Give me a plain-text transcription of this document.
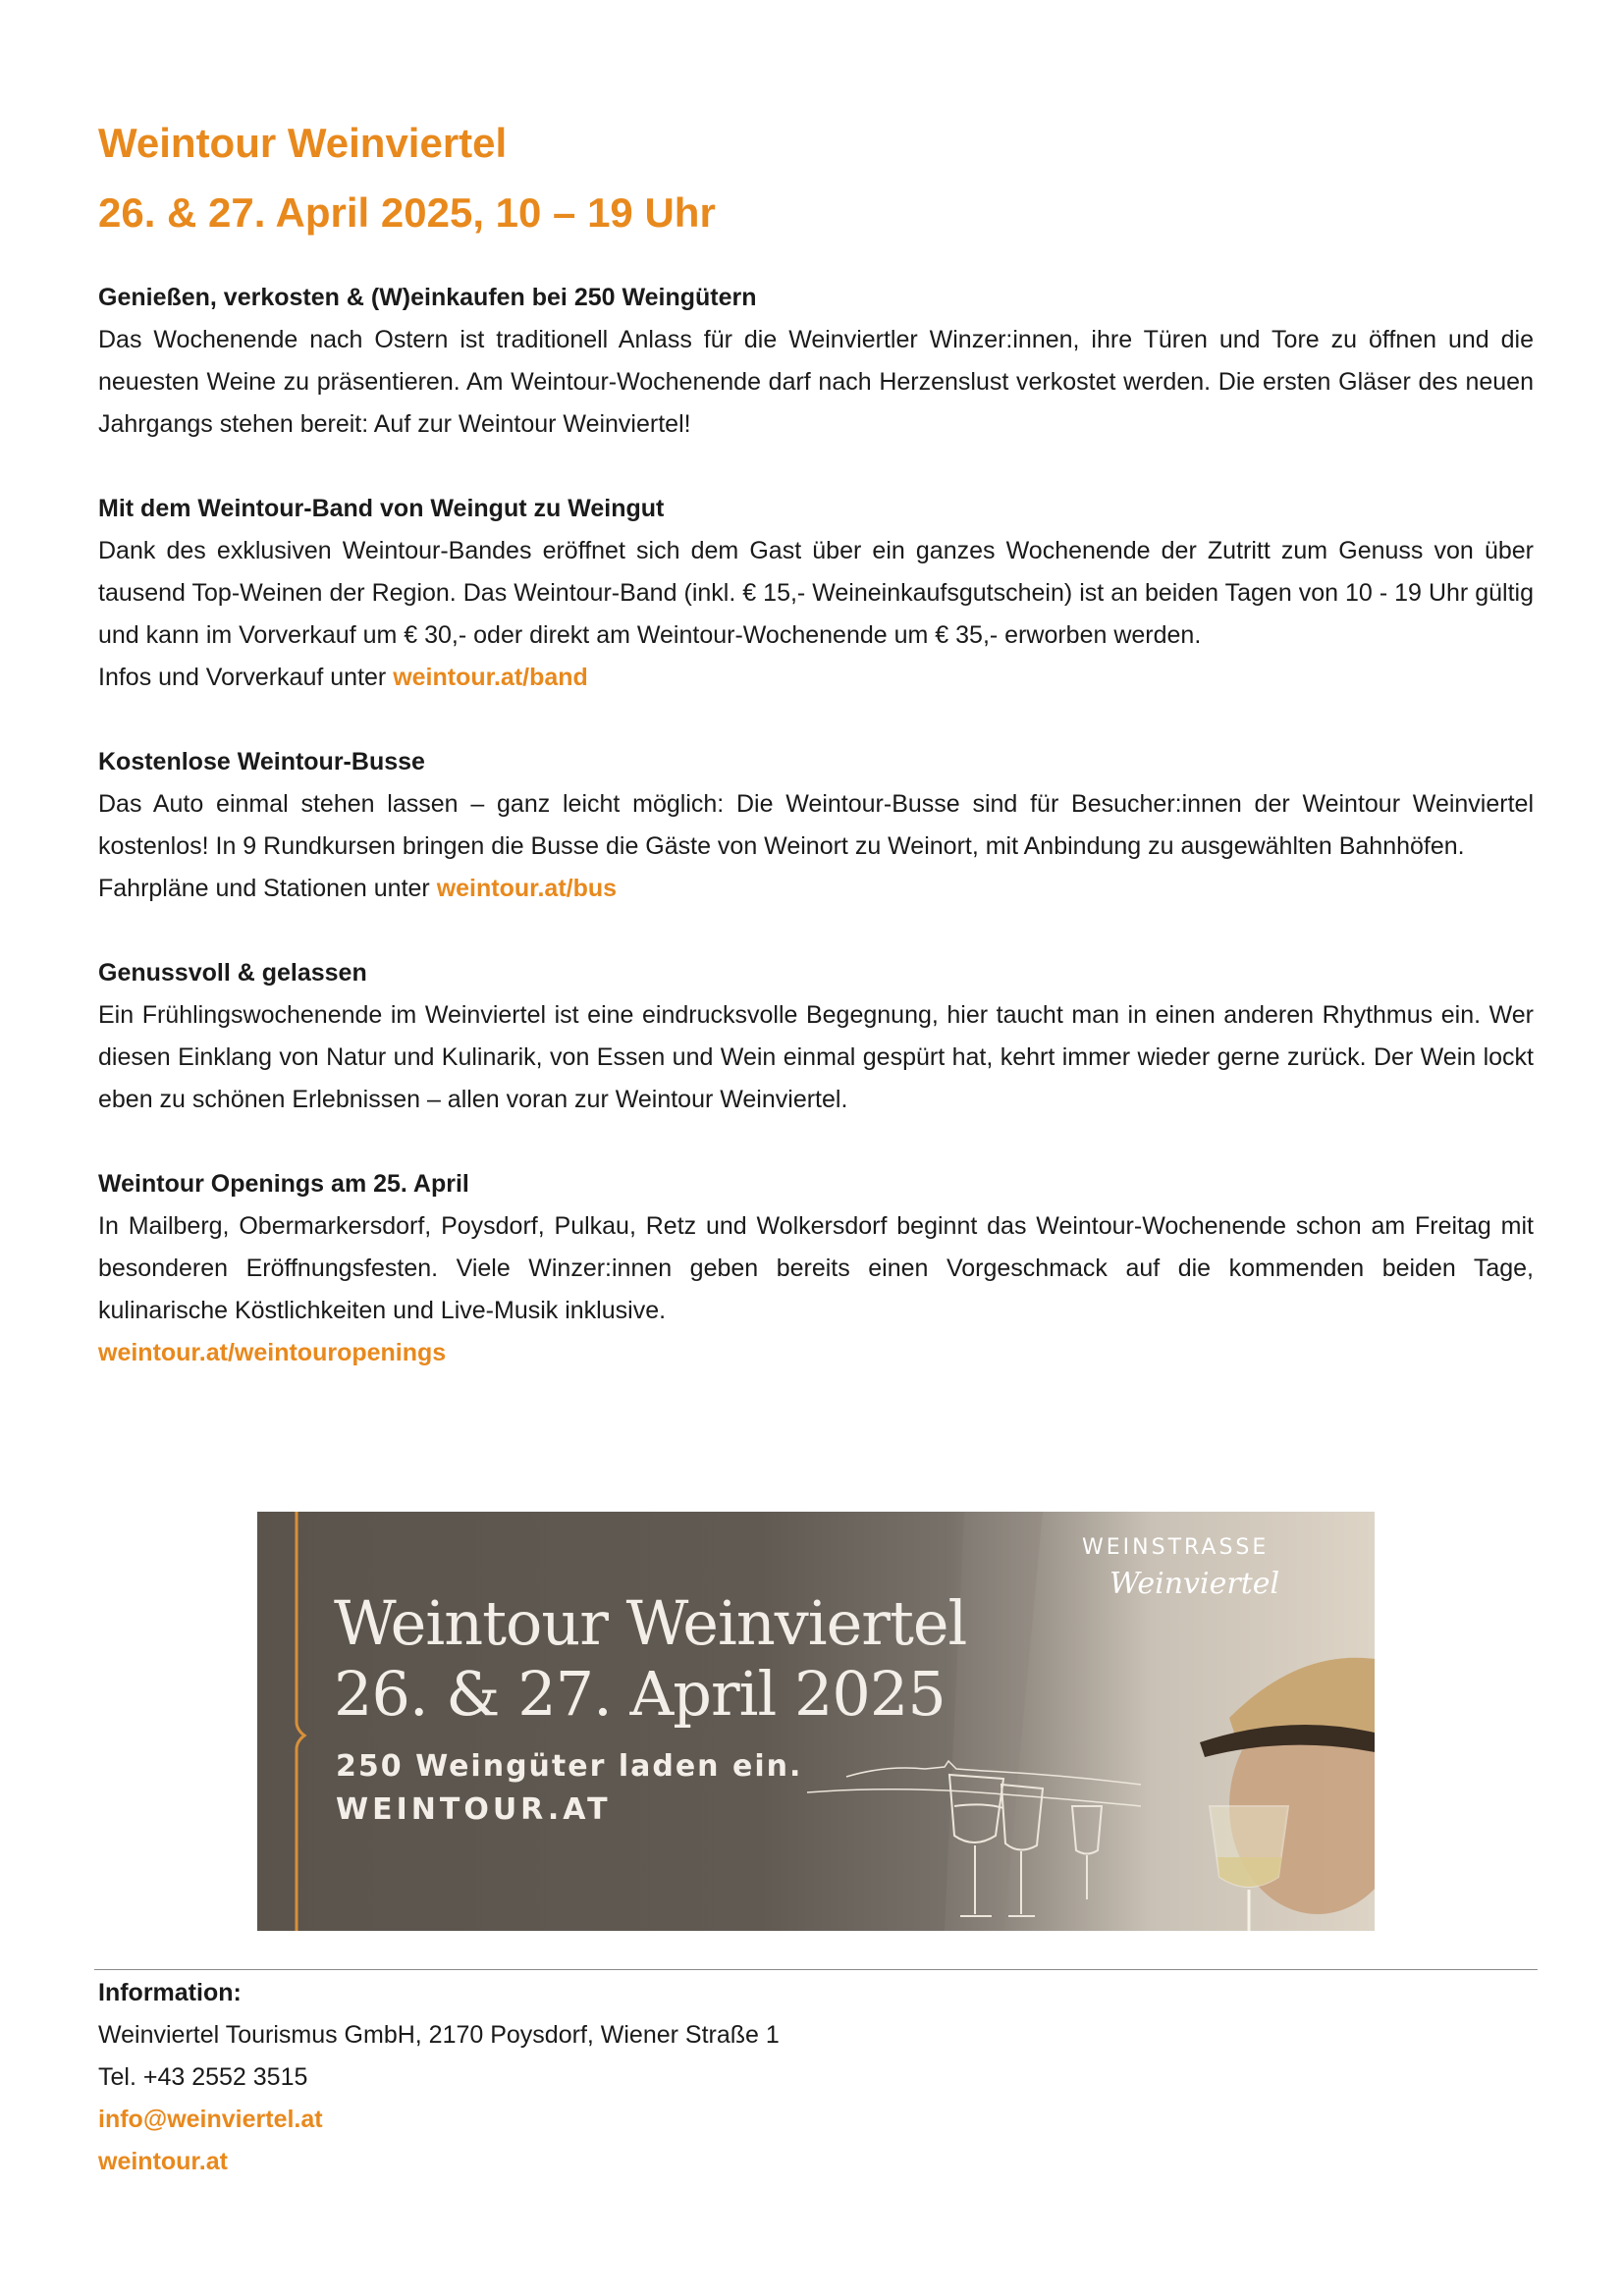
Weintour Weinviertel
26. & 27. April 2025, 10 – 19 Uhr

Genießen, verkosten & (W)einkaufen bei 250 Weingütern

Das Wochenende nach Ostern ist traditionell Anlass für die Weinviertler Winzer:innen, ihre Türen und Tore zu öffnen und die neuesten Weine zu präsentieren. Am Weintour-Wochenende darf nach Herzenslust verkostet werden. Die ersten Gläser des neuen Jahrgangs stehen bereit: Auf zur Weintour Weinviertel!

Mit dem Weintour-Band von Weingut zu Weingut

Dank des exklusiven Weintour-Bandes eröffnet sich dem Gast über ein ganzes Wochenende der Zutritt zum Genuss von über tausend Top-Weinen der Region. Das Weintour-Band (inkl. € 15,- Weineinkaufsgutschein) ist an beiden Tagen von 10 - 19 Uhr gültig und kann im Vorverkauf um € 30,- oder direkt am Weintour-Wochenende um € 35,- erworben werden.

Infos und Vorverkauf unter weintour.at/band

Kostenlose Weintour-Busse

Das Auto einmal stehen lassen – ganz leicht möglich: Die Weintour-Busse sind für Besucher:innen der Weintour Weinviertel kostenlos! In 9 Rundkursen bringen die Busse die Gäste von Weinort zu Weinort, mit Anbindung zu ausgewählten Bahnhöfen.

Fahrpläne und Stationen unter weintour.at/bus

Genussvoll & gelassen

Ein Frühlingswochenende im Weinviertel ist eine eindrucksvolle Begegnung, hier taucht man in einen anderen Rhythmus ein. Wer diesen Einklang von Natur und Kulinarik, von Essen und Wein einmal gespürt hat, kehrt immer wieder gerne zurück. Der Wein lockt eben zu schönen Erlebnissen – allen voran zur Weintour Weinviertel.

Weintour Openings am 25. April

In Mailberg, Obermarkersdorf, Poysdorf, Pulkau, Retz und Wolkersdorf beginnt das Weintour-Wochenende schon am Freitag mit besonderen Eröffnungsfesten. Viele Winzer:innen geben bereits einen Vorgeschmack auf die kommenden beiden Tage, kulinarische Köstlichkeiten und Live-Musik inklusive.

weintour.at/weintouropenings

Weintour Weinviertel
26. & 27. April 2025
250 Weingüter laden ein.
WEINTOUR.AT
WEINSTRASSE
Weinviertel

Information:

Weinviertel Tourismus GmbH, 2170 Poysdorf, Wiener Straße 1

Tel. +43 2552 3515

info@weinviertel.at

weintour.at
